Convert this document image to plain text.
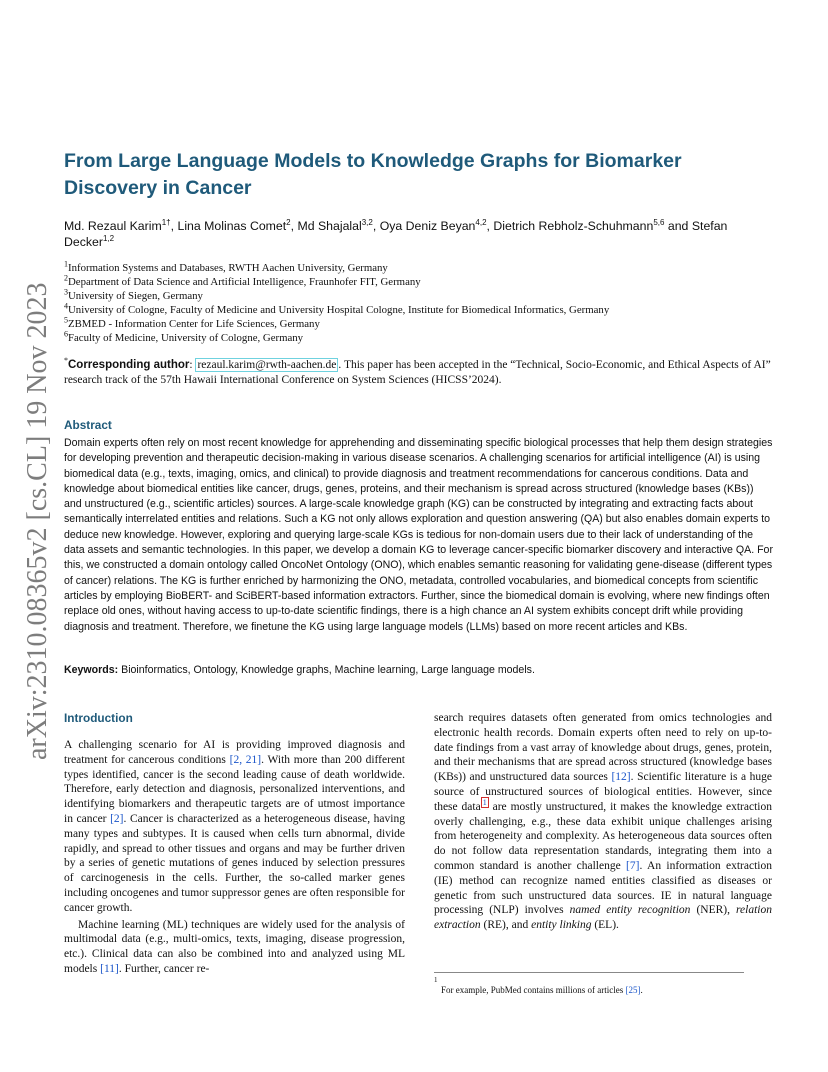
arXiv:2310.08365v2 [cs.CL] 19 Nov 2023
From Large Language Models to Knowledge Graphs for Biomarker Discovery in Cancer

Md. Rezaul Karim$^{1\dagger}$, Lina Molinas Comet$^2$, Md Shajalal$^{3,2}$, Oya Deniz Beyan$^{4,2}$, Dietrich Rebholz-Schuhmann$^{5,6}$ and Stefan Decker$^{1,2}$

$^1$Information Systems and Databases, RWTH Aachen University, Germany
$^2$Department of Data Science and Artificial Intelligence, Fraunhofer FIT, Germany
$^3$University of Siegen, Germany
$^4$University of Cologne, Faculty of Medicine and University Hospital Cologne, Institute for Biomedical Informatics, Germany
$^5$ZBMED - Information Center for Life Sciences, Germany
$^6$Faculty of Medicine, University of Cologne, Germany

*Corresponding author: rezaul.karim@rwth-aachen.de . This paper has been accepted in the “Technical, Socio-Economic, and Ethical Aspects of AI” research track of the 57th Hawaii International Conference on System Sciences (HICSS’2024).

Abstract

Domain experts often rely on most recent knowledge for apprehending and disseminating specific biological processes that help them design strategies for developing prevention and therapeutic decision-making in various disease scenarios. A challenging scenarios for artificial intelligence (AI) is using biomedical data (e.g., texts, imaging, omics, and clinical) to provide diagnosis and treatment recommendations for cancerous conditions. Data and knowledge about biomedical entities like cancer, drugs, genes, proteins, and their mechanism is spread across structured (knowledge bases (KBs)) and unstructured (e.g., scientific articles) sources. A large-scale knowledge graph (KG) can be constructed by integrating and extracting facts about semantically interrelated entities and relations. Such a KG not only allows exploration and question answering (QA) but also enables domain experts to deduce new knowledge. However, exploring and querying large-scale KGs is tedious for non-domain users due to their lack of understanding of the data assets and semantic technologies. In this paper, we develop a domain KG to leverage cancer-specific biomarker discovery and interactive QA. For this, we constructed a domain ontology called OncoNet Ontology (ONO), which enables semantic reasoning for validating gene-disease (different types of cancer) relations. The KG is further enriched by harmonizing the ONO, metadata, controlled vocabularies, and biomedical concepts from scientific articles by employing BioBERT- and SciBERT-based information extractors. Further, since the biomedical domain is evolving, where new findings often replace old ones, without having access to up-to-date scientific findings, there is a high chance an AI system exhibits concept drift while providing diagnosis and treatment. Therefore, we finetune the KG using large language models (LLMs) based on more recent articles and KBs.

Keywords: Bioinformatics, Ontology, Knowledge graphs, Machine learning, Large language models.

Introduction

A challenging scenario for AI is providing improved diagnosis and treatment for cancerous conditions [2, 21]. With more than 200 different types identified, cancer is the second leading cause of death worldwide. Therefore, early detection and diagnosis, personalized interventions, and identifying biomarkers and therapeutic targets are of utmost importance in cancer [2]. Cancer is characterized as a heterogeneous disease, having many types and subtypes. It is caused when cells turn abnormal, divide rapidly, and spread to other tissues and organs and may be further driven by a series of genetic mutations of genes induced by selection pressures of carcinogenesis in the cells. Further, the so-called marker genes including oncogenes and tumor suppressor genes are often responsible for cancer growth.

Machine learning (ML) techniques are widely used for the analysis of multimodal data (e.g., multi-omics, texts, imaging, disease progression, etc.). Clinical data can also be combined into and analyzed using ML models [11]. Further, cancer re-

search requires datasets often generated from omics technologies and electronic health records. Domain experts often need to rely on up-to-date findings from a vast array of knowledge about drugs, genes, protein, and their mechanisms that are spread across structured (knowledge bases (KBs)) and unstructured data sources [12]. Scientific literature is a huge source of unstructured sources of biological entities. However, since these data $^1$ are mostly unstructured, it makes the knowledge extraction overly challenging, e.g., these data exhibit unique challenges arising from heterogeneity and complexity. As heterogeneous data sources often do not follow data representation standards, integrating them into a common standard is another challenge [7]. An information extraction (IE) method can recognize named entities classified as diseases or genetic from such unstructured data sources. IE in natural language processing (NLP) involves named entity recognition (NER), relation extraction (RE), and entity linking (EL).

1
For example, PubMed contains millions of articles [25].
